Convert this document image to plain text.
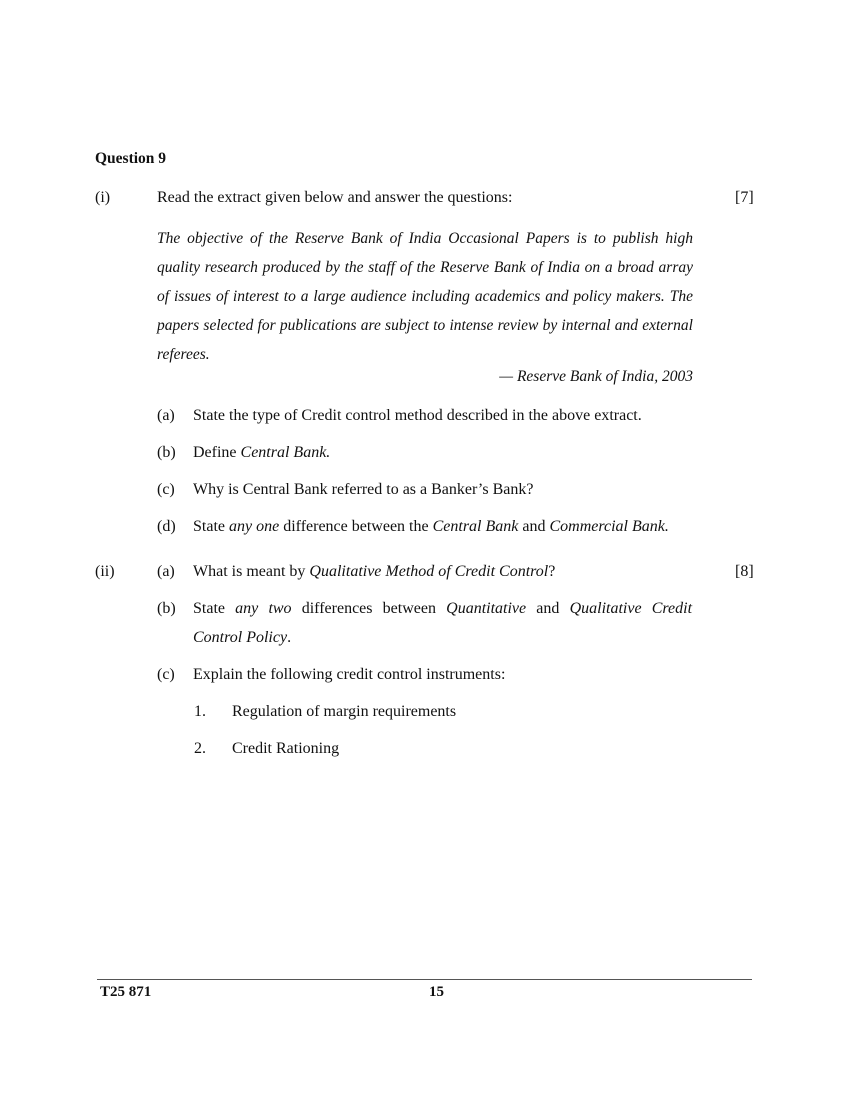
Question 9
(i)	Read the extract given below and answer the questions:	[7]
The objective of the Reserve Bank of India Occasional Papers is to publish high quality research produced by the staff of the Reserve Bank of India on a broad array of issues of interest to a large audience including academics and policy makers. The papers selected for publications are subject to intense review by internal and external referees.
— Reserve Bank of India, 2003
(a) State the type of Credit control method described in the above extract.
(b) Define Central Bank.
(c) Why is Central Bank referred to as a Banker’s Bank?
(d) State any one difference between the Central Bank and Commercial Bank.
(ii)	(a) What is meant by Qualitative Method of Credit Control?	[8]
(b) State any two differences between Quantitative and Qualitative Credit Control Policy.
(c) Explain the following credit control instruments:
1. Regulation of margin requirements
2. Credit Rationing
T25 871	15
